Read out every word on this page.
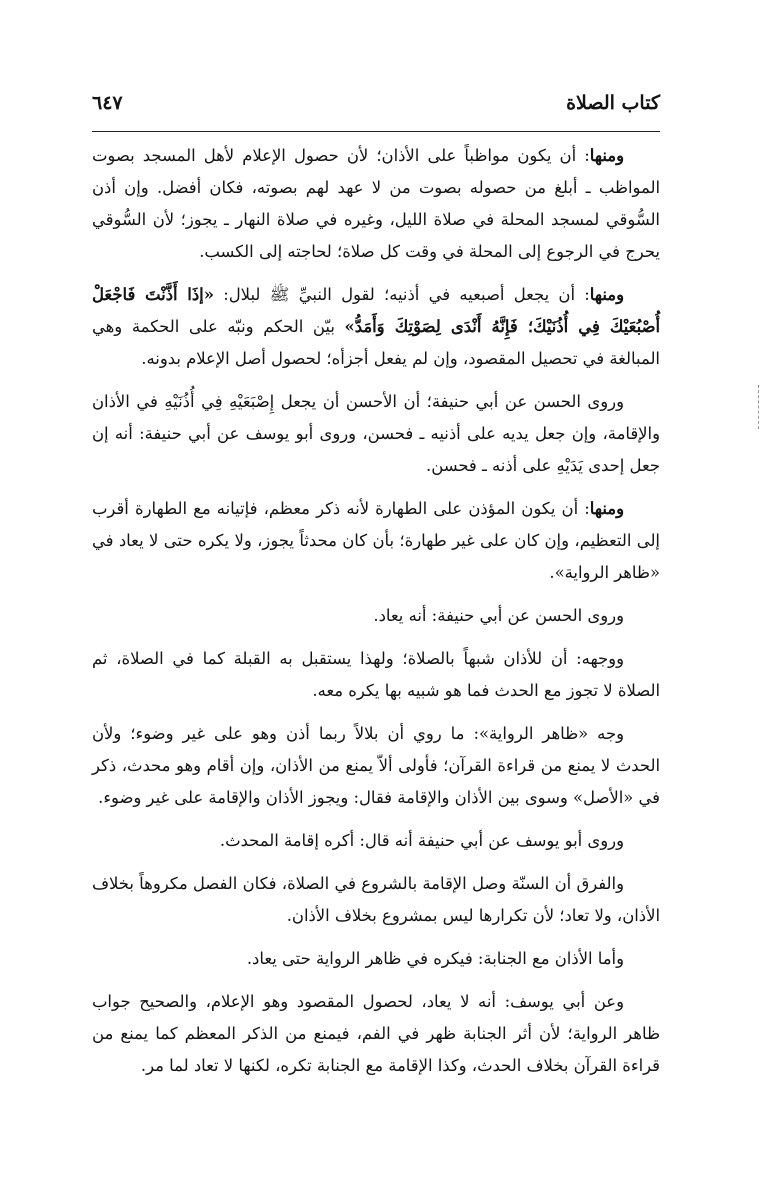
كتاب الصلاة
٦٤٧

ومنها: أن يكون مواظباً على الأذان؛ لأن حصول الإعلام لأهل المسجد بصوت المواظب ـ أبلغ من حصوله بصوت من لا عهد لهم بصوته، فكان أفضل. وإن أذن السُّوقي لمسجد المحلة في صلاة الليل، وغيره في صلاة النهار ـ يجوز؛ لأن السُّوقي يحرج في الرجوع إلى المحلة في وقت كل صلاة؛ لحاجته إلى الكسب.

ومنها: أن يجعل أصبعيه في أذنيه؛ لقول النبيِّ ﷺ لبلال: «إذَا أَذَّنْتَ فَاجْعَلْ أُصْبُعَيْكَ فِي أُذُنَيْكَ؛ فَإِنَّهُ أَنْدَى لِصَوْتِكَ وَأَمَدُّ» بيّن الحكم ونبّه على الحكمة وهي المبالغة في تحصيل المقصود، وإن لم يفعل أجزأه؛ لحصول أصل الإعلام بدونه.

وروى الحسن عن أبي حنيفة؛ أن الأحسن أن يجعل إِصْبَعَيْهِ فِي أُذُنَيْهِ في الأذان والإقامة، وإن جعل يديه على أذنيه ـ فحسن، وروى أبو يوسف عن أبي حنيفة: أنه إن جعل إحدى يَدَيْهِ على أذنه ـ فحسن.

ومنها: أن يكون المؤذن على الطهارة لأنه ذكر معظم، فإتيانه مع الطهارة أقرب إلى التعظيم، وإن كان على غير طهارة؛ بأن كان محدثاً يجوز، ولا يكره حتى لا يعاد في «ظاهر الرواية».

وروى الحسن عن أبي حنيفة: أنه يعاد.

ووجهه: أن للأذان شبهاً بالصلاة؛ ولهذا يستقبل به القبلة كما في الصلاة، ثم الصلاة لا تجوز مع الحدث فما هو شبيه بها يكره معه.

وجه «ظاهر الرواية»: ما روي أن بلالاً ربما أذن وهو على غير وضوء؛ ولأن الحدث لا يمنع من قراءة القرآن؛ فأولى ألاّ يمنع من الأذان، وإن أقام وهو محدث، ذكر في «الأصل» وسوى بين الأذان والإقامة فقال: ويجوز الأذان والإقامة على غير وضوء.

وروى أبو يوسف عن أبي حنيفة أنه قال: أكره إقامة المحدث.

والفرق أن السنّة وصل الإقامة بالشروع في الصلاة، فكان الفصل مكروهاً بخلاف الأذان، ولا تعاد؛ لأن تكرارها ليس بمشروع بخلاف الأذان.

وأما الأذان مع الجنابة: فيكره في ظاهر الرواية حتى يعاد.

وعن أبي يوسف: أنه لا يعاد، لحصول المقصود وهو الإعلام، والصحيح جواب ظاهر الرواية؛ لأن أثر الجنابة ظهر في الفم، فيمنع من الذكر المعظم كما يمنع من قراءة القرآن بخلاف الحدث، وكذا الإقامة مع الجنابة تكره، لكنها لا تعاد لما مر.
